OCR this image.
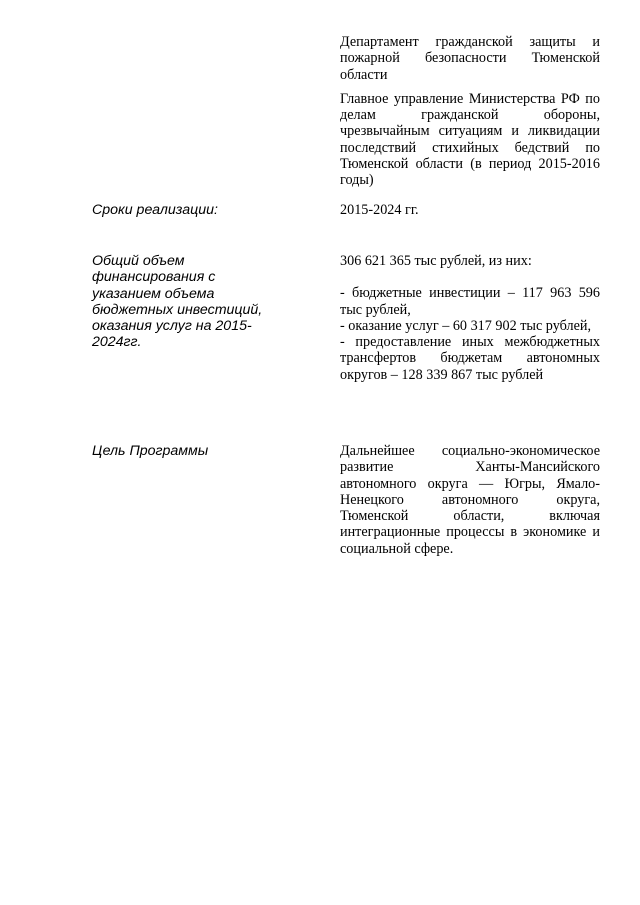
Департамент гражданской защиты и пожарной безопасности Тюменской области

Главное управление Министерства РФ по делам гражданской обороны, чрезвычайным ситуациям и ликвидации последствий стихийных бедствий по Тюменской области (в период 2015-2016 годы)

Сроки реализации:	2015-2024 гг.

Общий объем финансирования с указанием объема бюджетных инвестиций, оказания услуг на 2015-2024гг.

306 621 365 тыс рублей, из них:

- бюджетные инвестиции – 117 963 596 тыс рублей,

- оказание услуг – 60 317 902 тыс рублей,

- предоставление иных межбюджетных трансфертов бюджетам автономных округов – 128 339 867 тыс рублей

Цель Программы	Дальнейшее социально-экономическое развитие Ханты-Мансийского автономного округа — Югры, Ямало-Ненецкого автономного округа, Тюменской области, включая интеграционные процессы в экономике и социальной сфере.
